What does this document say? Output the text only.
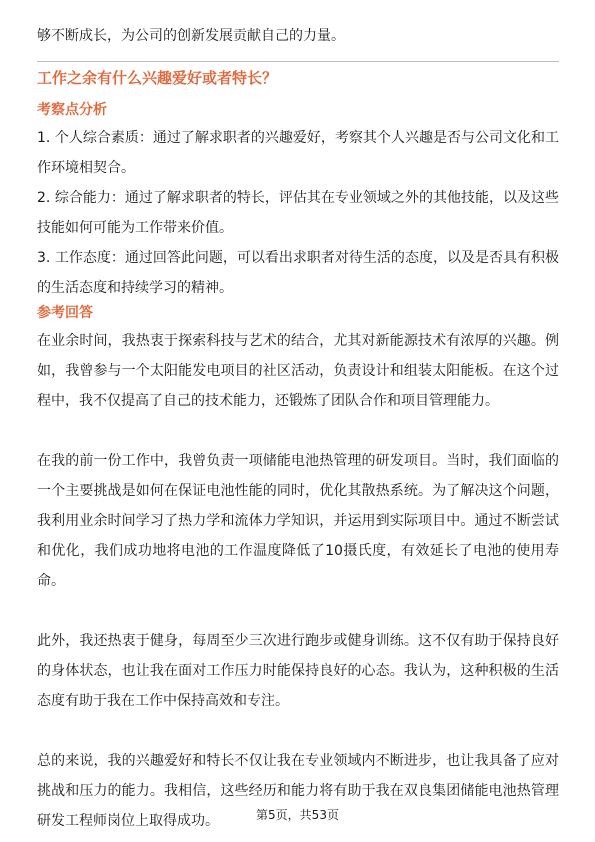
够不断成长，为公司的创新发展贡献自己的力量。

工作之余有什么兴趣爱好或者特长？

考察点分析

1. 个人综合素质：通过了解求职者的兴趣爱好，考察其个人兴趣是否与公司文化和工作环境相契合。

2. 综合能力：通过了解求职者的特长，评估其在专业领域之外的其他技能，以及这些技能如何可能为工作带来价值。

3. 工作态度：通过回答此问题，可以看出求职者对待生活的态度，以及是否具有积极的生活态度和持续学习的精神。

参考回答

在业余时间，我热衷于探索科技与艺术的结合，尤其对新能源技术有浓厚的兴趣。例如，我曾参与一个太阳能发电项目的社区活动，负责设计和组装太阳能板。在这个过程中，我不仅提高了自己的技术能力，还锻炼了团队合作和项目管理能力。

在我的前一份工作中，我曾负责一项储能电池热管理的研发项目。当时，我们面临的一个主要挑战是如何在保证电池性能的同时，优化其散热系统。为了解决这个问题，我利用业余时间学习了热力学和流体力学知识，并运用到实际项目中。通过不断尝试和优化，我们成功地将电池的工作温度降低了10摄氏度，有效延长了电池的使用寿命。

此外，我还热衷于健身，每周至少三次进行跑步或健身训练。这不仅有助于保持良好的身体状态，也让我在面对工作压力时能保持良好的心态。我认为，这种积极的生活态度有助于我在工作中保持高效和专注。

总的来说，我的兴趣爱好和特长不仅让我在专业领域内不断进步，也让我具备了应对挑战和压力的能力。我相信，这些经历和能力将有助于我在双良集团储能电池热管理研发工程师岗位上取得成功。	第5页，共53页
